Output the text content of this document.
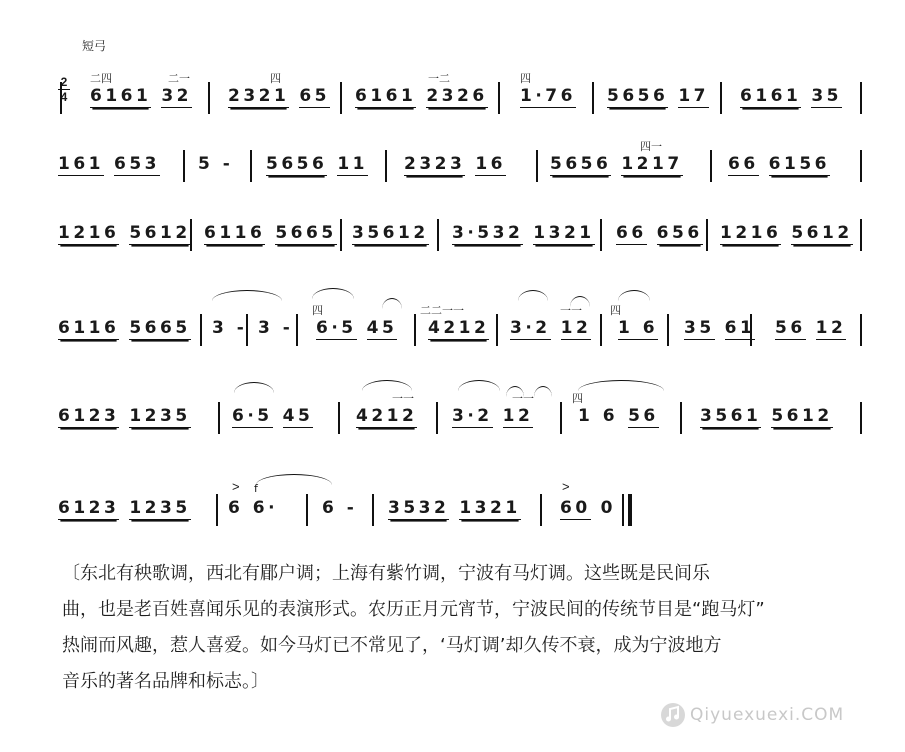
短弓
2
4 6161 32	2321 65	6161 2326	1·76	5656 17	6161 35
二四	二一	四	一二	四
161 653	5 -	5656 11	2323 16	5656 1217	66 6156
四一
1216 5612 6116 5665 35612	3·532 1321	66 656	1216 5612
6116 5665	3 - 3 -	6·5 45	4212	3·2 12	1 6	35 61	56 12
四	二二一一	一一	四
6123 1235	6·5 45	4212	3·2 12	1 6 56	3561 5612
一一	一一	四
6123 1235	6 6·	6 -	3532 1321	60 0
f
>	>
〔东北有秧歌调，西北有郿户调；上海有紫竹调，宁波有马灯调。这些既是民间乐
曲，也是老百姓喜闻乐见的表演形式。农历正月元宵节，宁波民间的传统节目是“跑马灯”
热闹而风趣，惹人喜爱。如今马灯已不常见了，‘马灯调’却久传不衰，成为宁波地方
音乐的著名品牌和标志。〕
Qiyuexuexi.COM
